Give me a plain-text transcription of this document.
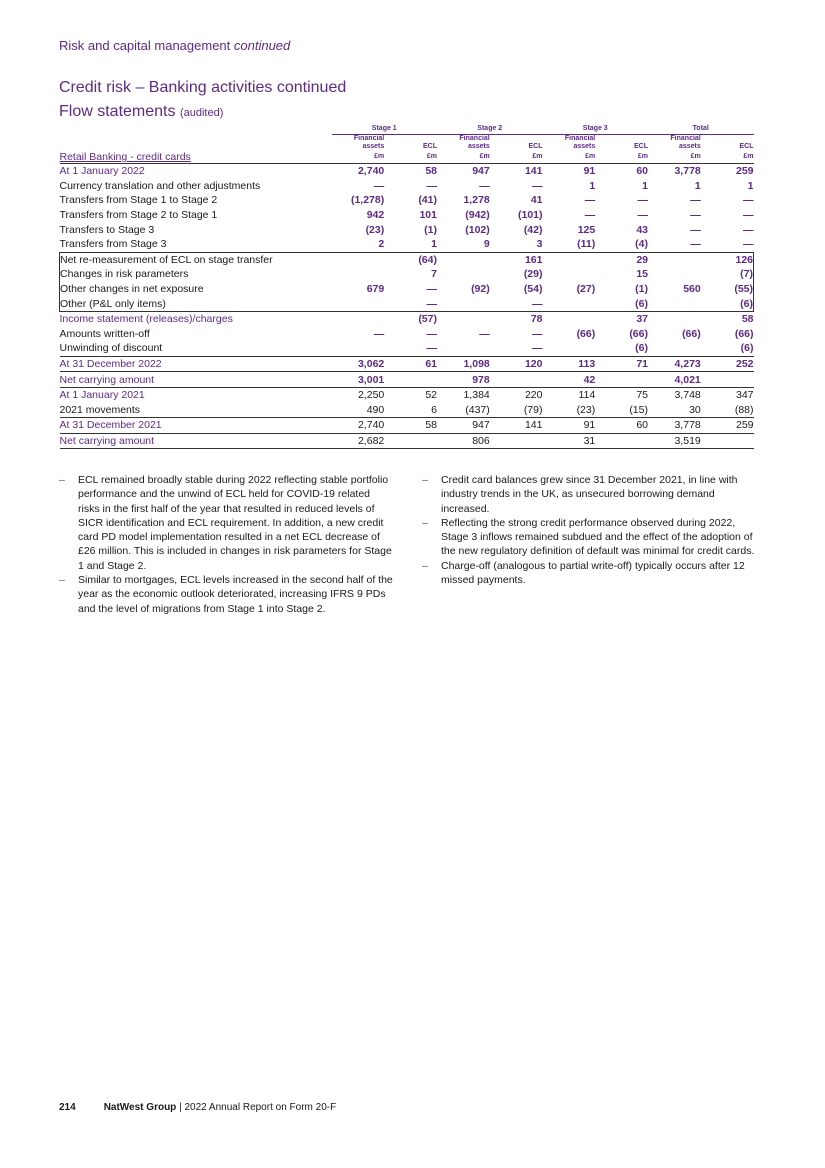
Risk and capital management continued
Credit risk – Banking activities continued
Flow statements (audited)
	Stage 1		Stage 2		Stage 3		Total	
	Financial		Financial		Financial		Financial	
	assets	ECL	assets	ECL	assets	ECL	assets	ECL
Retail Banking - credit cards	£m	£m	£m	£m	£m	£m	£m	£m
At 1 January 2022	2,740	58	947	141	91	60	3,778	259
Currency translation and other adjustments	—	—	—	—	1	1	1	1
Transfers from Stage 1 to Stage 2	(1,278)	(41)	1,278	41	—	—	—	—
Transfers from Stage 2 to Stage 1	942	101	(942)	(101)	—	—	—	—
Transfers to Stage 3	(23)	(1)	(102)	(42)	125	43	—	—
Transfers from Stage 3	2	1	9	3	(11)	(4)	—	—
Net re-measurement of ECL on stage transfer		(64)		161		29		126
Changes in risk parameters		7		(29)		15		(7)
Other changes in net exposure	679	—	(92)	(54)	(27)	(1)	560	(55)
Other (P&L only items)		—		—		(6)		(6)
Income statement (releases)/charges		(57)		78		37		58
Amounts written-off	—	—	—	—	(66)	(66)	(66)	(66)
Unwinding of discount		—		—		(6)		(6)
At 31 December 2022	3,062	61	1,098	120	113	71	4,273	252
Net carrying amount	3,001		978		42		4,021	
At 1 January 2021	2,250	52	1,384	220	114	75	3,748	347
2021 movements	490	6	(437)	(79)	(23)	(15)	30	(88)
At 31 December 2021	2,740	58	947	141	91	60	3,778	259
Net carrying amount	2,682		806		31		3,519	
– ECL remained broadly stable during 2022 reflecting stable portfolio performance and the unwind of ECL held for COVID-19 related risks in the first half of the year that resulted in reduced levels of SICR identification and ECL requirement. In addition, a new credit card PD model implementation resulted in a net ECL decrease of £26 million. This is included in changes in risk parameters for Stage 1 and Stage 2.
– Similar to mortgages, ECL levels increased in the second half of the year as the economic outlook deteriorated, increasing IFRS 9 PDs and the level of migrations from Stage 1 into Stage 2.
– Credit card balances grew since 31 December 2021, in line with industry trends in the UK, as unsecured borrowing demand increased.
– Reflecting the strong credit performance observed during 2022, Stage 3 inflows remained subdued and the effect of the adoption of the new regulatory definition of default was minimal for credit cards.
– Charge-off (analogous to partial write-off) typically occurs after 12 missed payments.
214	NatWest Group | 2022 Annual Report on Form 20-F
